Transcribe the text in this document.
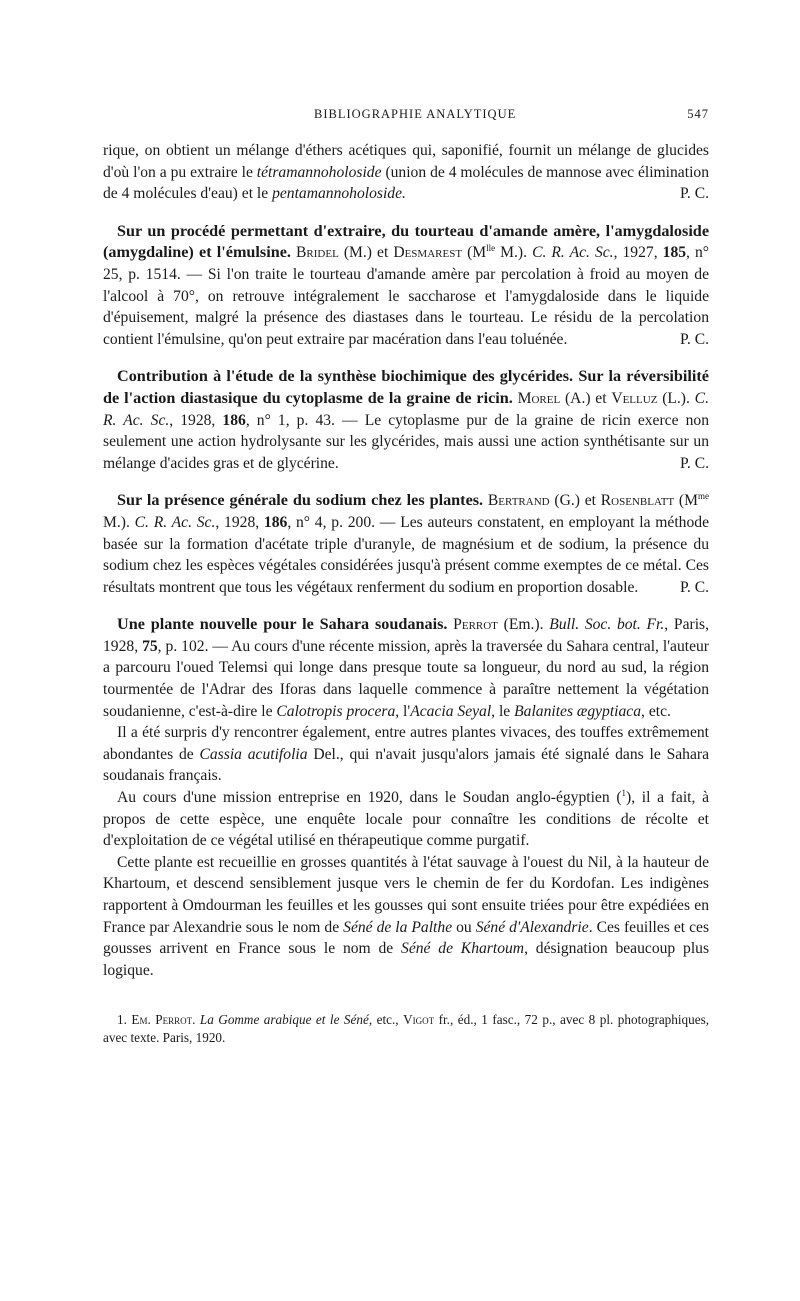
BIBLIOGRAPHIE ANALYTIQUE	547

rique, on obtient un mélange d'éthers acétiques qui, saponifié, fournit un mélange de glucides d'où l'on a pu extraire le tétramannoholoside (union de 4 molécules de mannose avec élimination de 4 molécules d'eau) et le pentamannoholoside.	P. C.

Sur un procédé permettant d'extraire, du tourteau d'amande amère, l'amygdaloside (amygdaline) et l'émulsine. Bridel (M.) et Desmarest ($M^{lle}$ M.). C. R. Ac. Sc., 1927, 185, n° 25, p. 1514. — Si l'on traite le tourteau d'amande amère par percolation à froid au moyen de l'alcool à 70°, on retrouve intégralement le saccharose et l'amygdaloside dans le liquide d'épuisement, malgré la présence des diastases dans le tourteau. Le résidu de la percolation contient l'émulsine, qu'on peut extraire par macération dans l'eau toluénée.	P. C.

Contribution à l'étude de la synthèse biochimique des glycérides. Sur la réversibilité de l'action diastasique du cytoplasme de la graine de ricin. Morel (A.) et Velluz (L.). C. R. Ac. Sc., 1928, 186, n° 1, p. 43. — Le cytoplasme pur de la graine de ricin exerce non seulement une action hydrolysante sur les glycérides, mais aussi une action synthétisante sur un mélange d'acides gras et de glycérine.	P. C.

Sur la présence générale du sodium chez les plantes. Bertrand (G.) et Rosenblatt ($M^{me}$ M.). C. R. Ac. Sc., 1928, 186, n° 4, p. 200. — Les auteurs constatent, en employant la méthode basée sur la formation d'acétate triple d'uranyle, de magnésium et de sodium, la présence du sodium chez les espèces végétales considérées jusqu'à présent comme exemptes de ce métal. Ces résultats montrent que tous les végétaux renferment du sodium en proportion dosable.	P. C.

Une plante nouvelle pour le Sahara soudanais. Perrot (Em.). Bull. Soc. bot. Fr., Paris, 1928, 75, p. 102. — Au cours d'une récente mission, après la traversée du Sahara central, l'auteur a parcouru l'oued Telemsi qui longe dans presque toute sa longueur, du nord au sud, la région tourmentée de l'Adrar des Iforas dans laquelle commence à paraître nettement la végétation soudanienne, c'est-à-dire le Calotropis procera, l'Acacia Seyal, le Balanites ægyptiaca, etc.

Il a été surpris d'y rencontrer également, entre autres plantes vivaces, des touffes extrêmement abondantes de Cassia acutifolia Del., qui n'avait jusqu'alors jamais été signalé dans le Sahara soudanais français.

Au cours d'une mission entreprise en 1920, dans le Soudan anglo-égyptien ($^1$), il a fait, à propos de cette espèce, une enquête locale pour connaître les conditions de récolte et d'exploitation de ce végétal utilisé en thérapeutique comme purgatif.

Cette plante est recueillie en grosses quantités à l'état sauvage à l'ouest du Nil, à la hauteur de Khartoum, et descend sensiblement jusque vers le chemin de fer du Kordofan. Les indigènes rapportent à Omdourman les feuilles et les gousses qui sont ensuite triées pour être expédiées en France par Alexandrie sous le nom de Séné de la Palthe ou Séné d'Alexandrie. Ces feuilles et ces gousses arrivent en France sous le nom de Séné de Khartoum, désignation beaucoup plus logique.

1. Em. Perrot. La Gomme arabique et le Séné, etc., Vigot fr., éd., 1 fasc., 72 p., avec 8 pl. photographiques, avec texte. Paris, 1920.
